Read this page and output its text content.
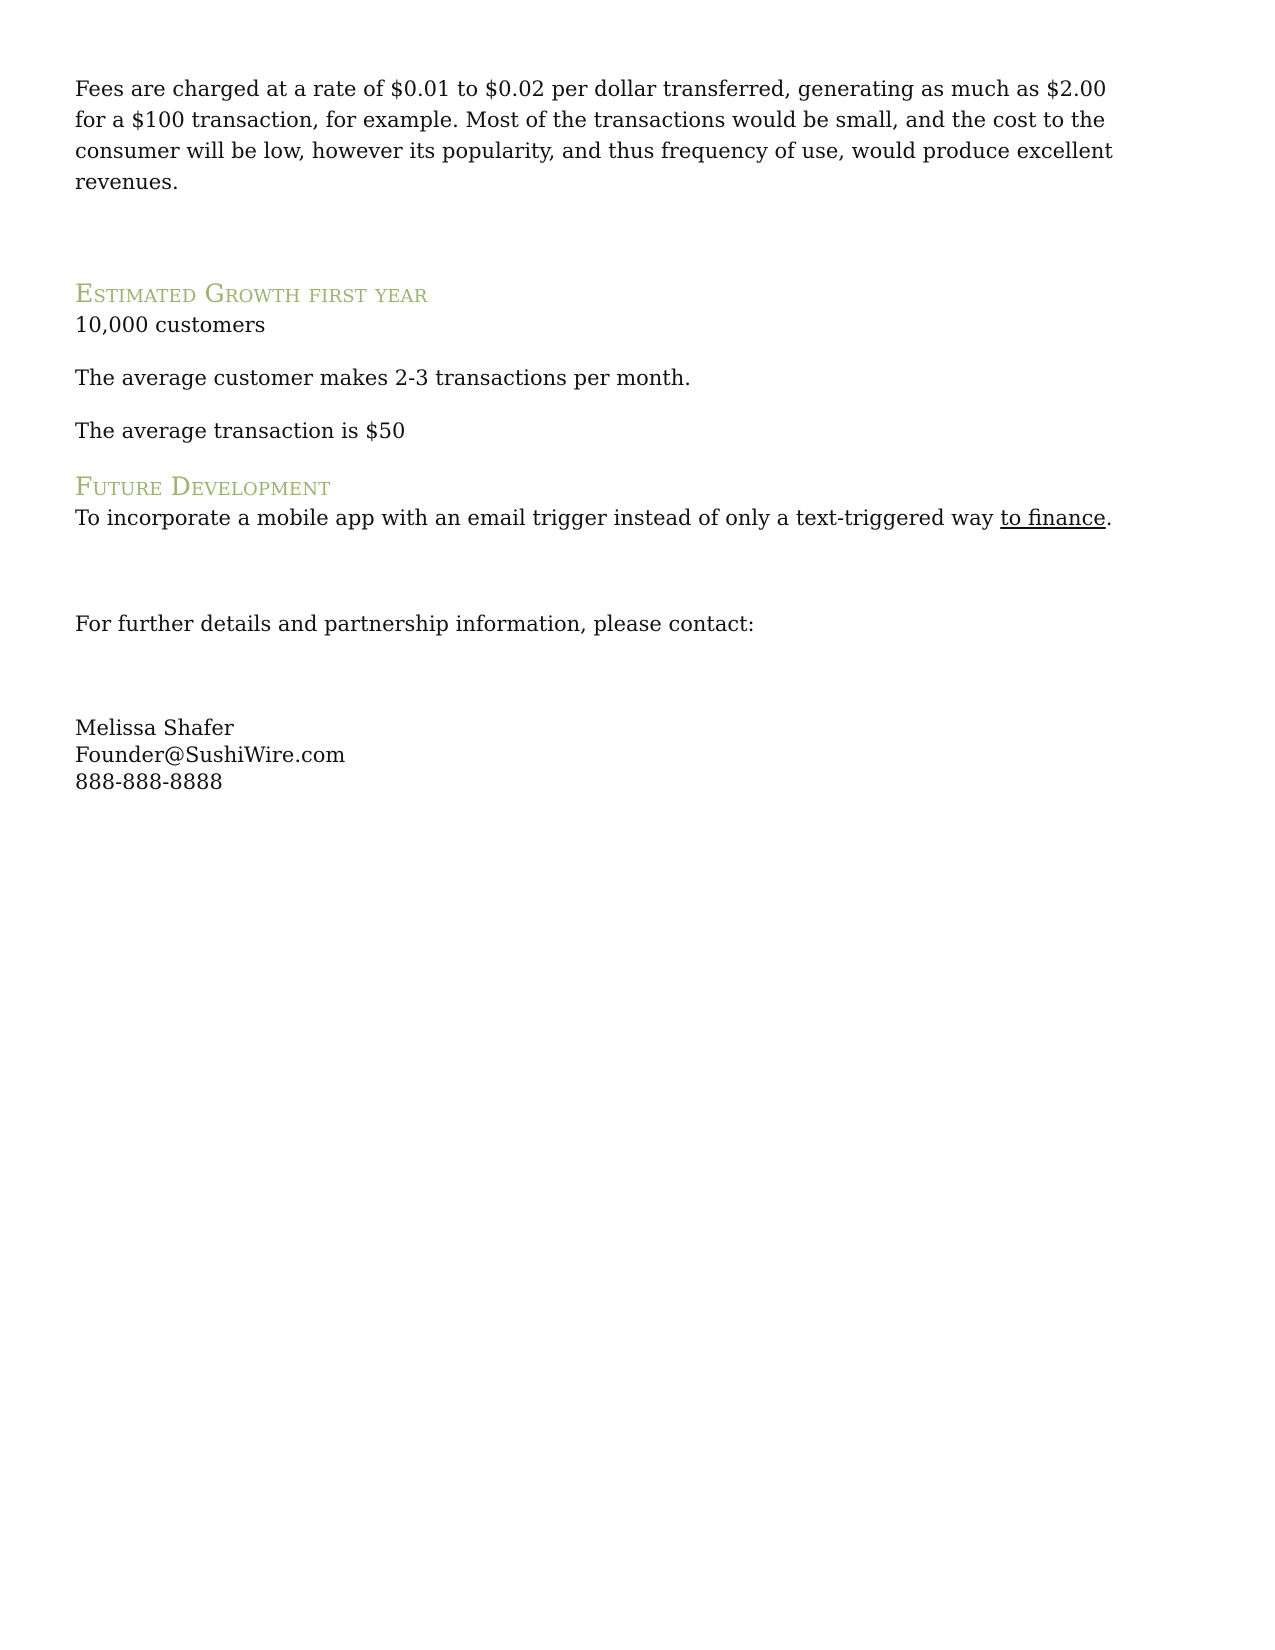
Fees are charged at a rate of $0.01 to $0.02 per dollar transferred, generating as much as $2.00 for a $100 transaction, for example. Most of the transactions would be small, and the cost to the consumer will be low, however its popularity, and thus frequency of use, would produce excellent revenues.

Estimated Growth first year

10,000 customers

The average customer makes 2-3 transactions per month.

The average transaction is $50

Future Development

To incorporate a mobile app with an email trigger instead of only a text-triggered way to finance.

For further details and partnership information, please contact:

Melissa Shafer

Founder@SushiWire.com

888-888-8888
